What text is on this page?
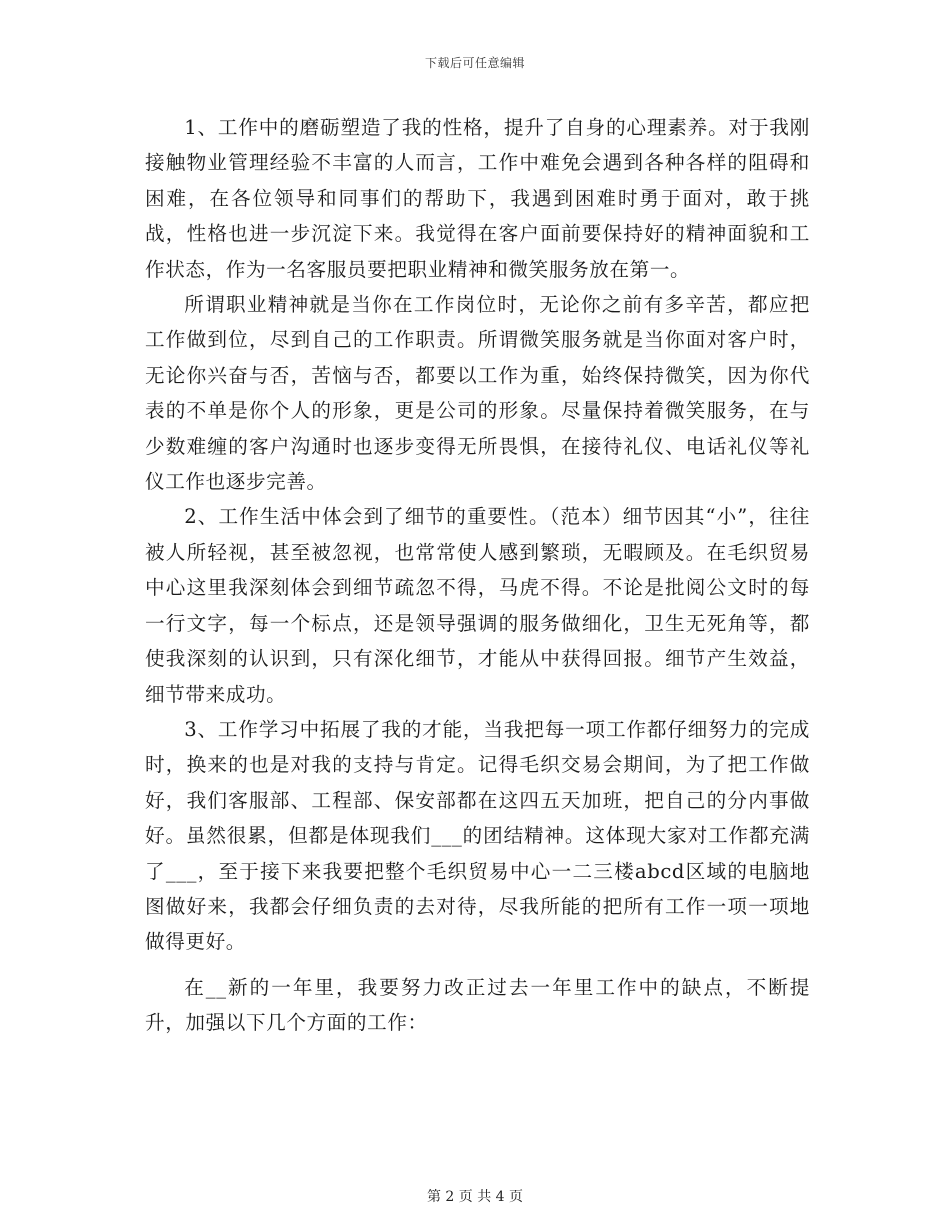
下载后可任意编辑

1、工作中的磨砺塑造了我的性格，提升了自身的心理素养。对于我刚接触物业管理经验不丰富的人而言，工作中难免会遇到各种各样的阻碍和困难，在各位领导和同事们的帮助下，我遇到困难时勇于面对，敢于挑战，性格也进一步沉淀下来。我觉得在客户面前要保持好的精神面貌和工作状态，作为一名客服员要把职业精神和微笑服务放在第一。

所谓职业精神就是当你在工作岗位时，无论你之前有多辛苦，都应把工作做到位，尽到自己的工作职责。所谓微笑服务就是当你面对客户时，无论你兴奋与否，苦恼与否，都要以工作为重，始终保持微笑，因为你代表的不单是你个人的形象，更是公司的形象。尽量保持着微笑服务，在与少数难缠的客户沟通时也逐步变得无所畏惧，在接待礼仪、电话礼仪等礼仪工作也逐步完善。

2、工作生活中体会到了细节的重要性。（范本）细节因其“小”，往往被人所轻视，甚至被忽视，也常常使人感到繁琐，无暇顾及。在毛织贸易中心这里我深刻体会到细节疏忽不得，马虎不得。不论是批阅公文时的每一行文字，每一个标点，还是领导强调的服务做细化，卫生无死角等，都使我深刻的认识到，只有深化细节，才能从中获得回报。细节产生效益，细节带来成功。

3、工作学习中拓展了我的才能，当我把每一项工作都仔细努力的完成时，换来的也是对我的支持与肯定。记得毛织交易会期间，为了把工作做好，我们客服部、工程部、保安部都在这四五天加班，把自己的分内事做好。虽然很累，但都是体现我们___的团结精神。这体现大家对工作都充满了___，至于接下来我要把整个毛织贸易中心一二三楼abcd区域的电脑地图做好来，我都会仔细负责的去对待，尽我所能的把所有工作一项一项地做得更好。

在__新的一年里，我要努力改正过去一年里工作中的缺点，不断提升，加强以下几个方面的工作：

第 2 页 共 4 页
